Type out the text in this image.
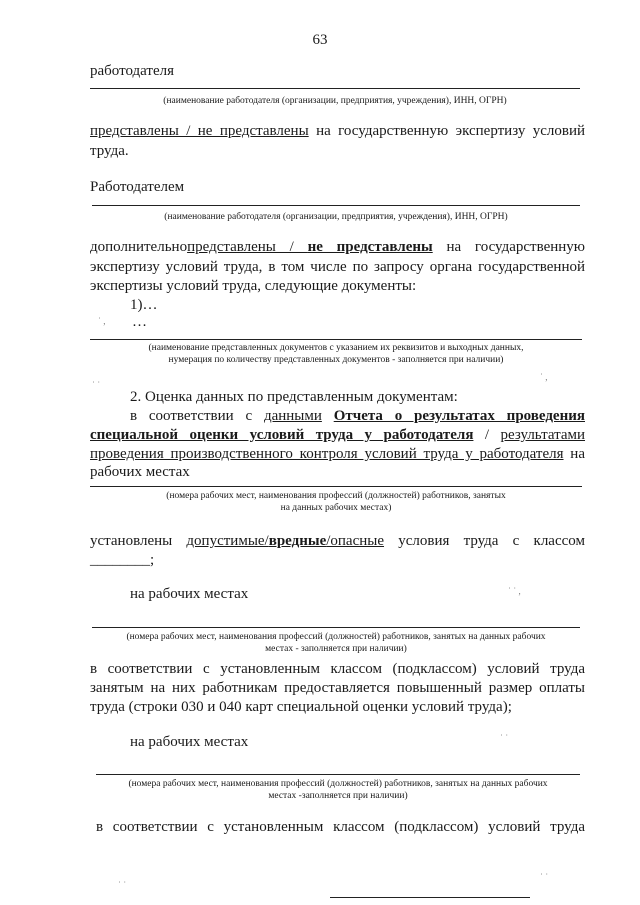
63
работодателя
(наименование работодателя (организации, предприятия, учреждения), ИНН, ОГРН)
представлены / не представлены на государственную экспертизу условий
труда.
Работодателем
(наименование работодателя (организации, предприятия, учреждения), ИНН, ОГРН)
дополнительнопредставлены / не представлены на государственную
экспертизу условий труда, в том числе по запросу органа государственной
экспертизы условий труда, следующие документы:
1)…
…
(наименование представленных документов с указанием их реквизитов и выходных данных,
нумерация по количеству представленных документов - заполняется при наличии)
2. Оценка данных по представленным документам:
в соответствии с данными Отчета о результатах проведения
специальной оценки условий труда у работодателя / результатами
проведения производственного контроля условий труда у работодателя на
рабочих местах
(номера рабочих мест, наименования профессий (должностей) работников, занятых
на данных рабочих местах)
установлены допустимые/вредные/опасные условия труда с классом
________;
на рабочих местах
(номера рабочих мест, наименования профессий (должностей) работников, занятых на данных рабочих
местах - заполняется при наличии)
в соответствии с установленным классом (подклассом) условий труда
занятым на них работникам предоставляется повышенный размер оплаты
труда (строки 030 и 040 карт специальной оценки условий труда);
на рабочих местах
(номера рабочих мест, наименования профессий (должностей) работников, занятых на данных рабочих
местах -заполняется при наличии)
в соответствии с установленным классом (подклассом) условий труда
˙ ,
˙ ˙
˙ ,
˙ ˙ ,
˙ ˙
˙ ˙
˙ ˙
